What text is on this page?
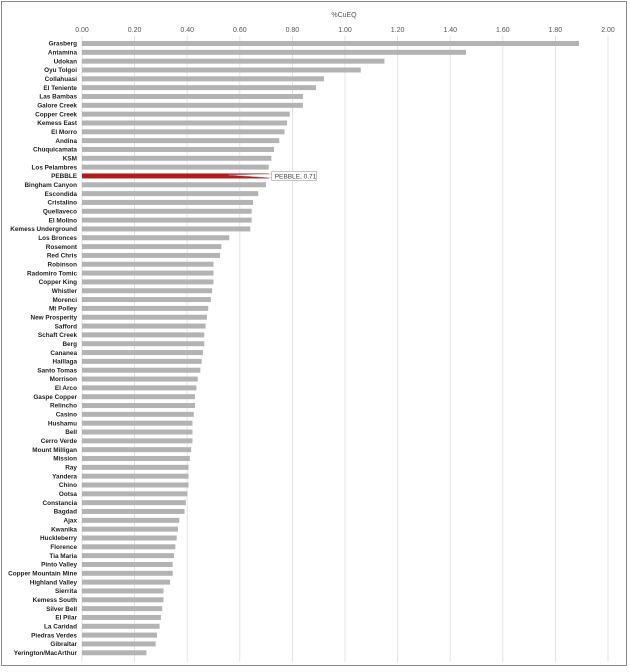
%CuEQ
0.00	0.20	0.40	0.60	0.80	1.00	1.20	1.40	1.60	1.80	2.00
Grasberg
Antamina
Udokan
Oyu Tolgoi
Collahuasi
El Teniente
Las Bambas
Galore Creek
Copper Creek
Kemess East
El Morro
Andina
Chuquicamata
KSM
Los Pelambres
PEBBLE
Bingham Canyon
Escondida
Cristalino
Quellaveco
El Molino
Kemess Underground
Los Bronces
Rosemont
Red Chris
Robinson
Radomiro Tomic
Copper King
Whistler
Morenci
Mt Polley
New Prosperity
Safford
Schaft Creek
Berg
Cananea
Haillaga
Santo Tomas
Morrison
El Arco
Gaspe Copper
Relincho
Casino
Hushamu
Bell
Cerro Verde
Mount Milligan
Mission
Ray
Yandera
Chino
Ootsa
Constancia
Bagdad
Ajax
Kwanika
Huckleberry
Florence
Tia Maria
Pinto Valley
Copper Mountain Mine
Highland Valley
Sierrita
Kemess South
Silver Bell
El Pilar
La Caridad
Piedras Verdes
Gibraltar
Yerington/MacArthur
PEBBLE, 0.71
